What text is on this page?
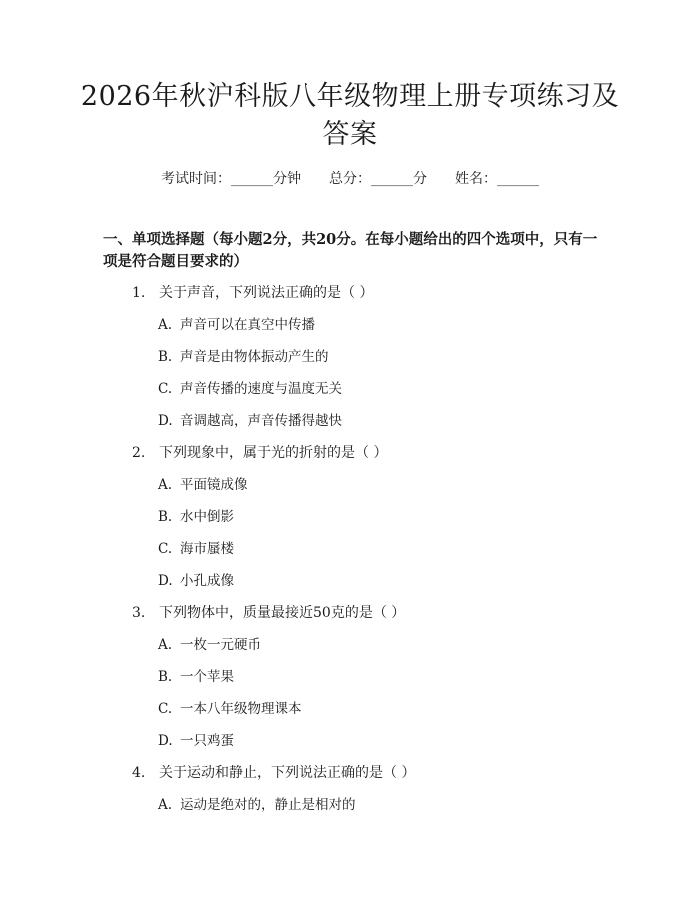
2026年秋沪科版八年级物理上册专项练习及答案
考试时间：______分钟　　总分：______分　　姓名：______
一、单项选择题（每小题2分，共20分。在每小题给出的四个选项中，只有一项是符合题目要求的）
1. 关于声音，下列说法正确的是（ ）
A. 声音可以在真空中传播
B. 声音是由物体振动产生的
C. 声音传播的速度与温度无关
D. 音调越高，声音传播得越快
2. 下列现象中，属于光的折射的是（ ）
A. 平面镜成像
B. 水中倒影
C. 海市蜃楼
D. 小孔成像
3. 下列物体中，质量最接近50克的是（ ）
A. 一枚一元硬币
B. 一个苹果
C. 一本八年级物理课本
D. 一只鸡蛋
4. 关于运动和静止，下列说法正确的是（ ）
A. 运动是绝对的，静止是相对的
